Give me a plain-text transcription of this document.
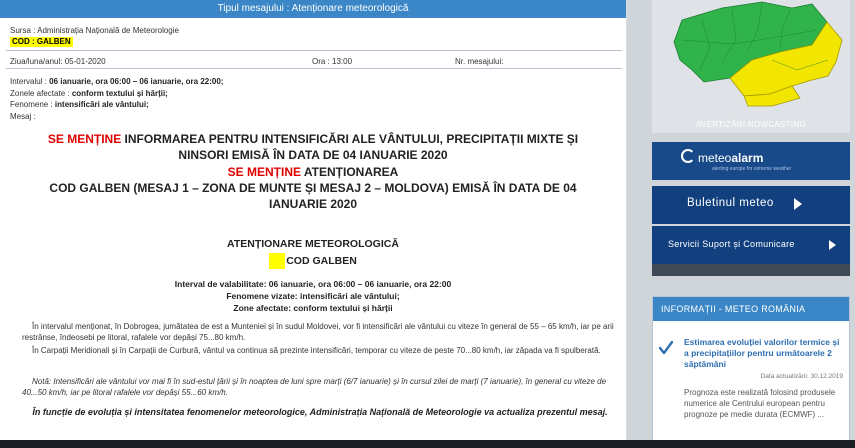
Tipul mesajului : Atenționare meteorologică
Sursa : Administrația Națională de Meteorologie
COD : GALBEN
Ziua/luna/anul: 05-01-2020	Ora : 13:00	Nr. mesajului:
Intervalul : 06 ianuarie, ora 06:00 – 06 ianuarie, ora 22:00;
Zonele afectate : conform textului și hărții;
Fenomene : intensificări ale vântului;
Mesaj :
SE MENȚINE INFORMAREA PENTRU INTENSIFICĂRI ALE VÂNTULUI, PRECIPITAȚII MIXTE ȘI
NINSORI EMISĂ ÎN DATA DE 04 IANUARIE 2020
SE MENȚINE ATENȚIONAREA
COD GALBEN (MESAJ 1 – ZONA DE MUNTE ȘI MESAJ 2 – MOLDOVA) EMISĂ ÎN DATA DE 04
IANUARIE 2020
ATENȚIONARE METEOROLOGICĂ
COD GALBEN
Interval de valabilitate: 06 ianuarie, ora 06:00 – 06 ianuarie, ora 22:00
Fenomene vizate: intensificări ale vântului;
Zone afectate: conform textului și hărții
În intervalul menționat, în Dobrogea, jumătatea de est a Munteniei și în sudul Moldovei, vor fi intensificări ale vântului cu viteze în general de 55 – 65 km/h, iar pe arii restrânse, îndeosebi pe litoral, rafalele vor depăși 75...80 km/h.
În Carpații Meridionali și în Carpații de Curbură, vântul va continua să prezinte intensificări, temporar cu viteze de peste 70...80 km/h, iar zăpada va fi spulberată.
Notă: Intensificări ale vântului vor mai fi în sud-estul țării și în noaptea de luni spre marți (6/7 ianuarie) și în cursul zilei de marți (7 ianuarie), în general cu viteze de 40...50 km/h, iar pe litoral rafalele vor depăși 55...60 km/h.
În funcție de evoluția și intensitatea fenomenelor meteorologice, Administrația Națională de Meteorologie va actualiza prezentul mesaj.
AVERTIZĂRI NOWCASTING
meteoalarm
alerting europe for extreme weather
Buletinul meteo
Servicii Suport și Comunicare
INFORMAȚII - METEO ROMÂNIA
Estimarea evoluției valorilor termice și a precipitațiilor pentru următoarele 2 săptămâni
Data actualizării: 30.12.2019
Prognoza este realizată folosind produsele numerice ale Centrului european pentru prognoze pe medie durata (ECMWF) ...
